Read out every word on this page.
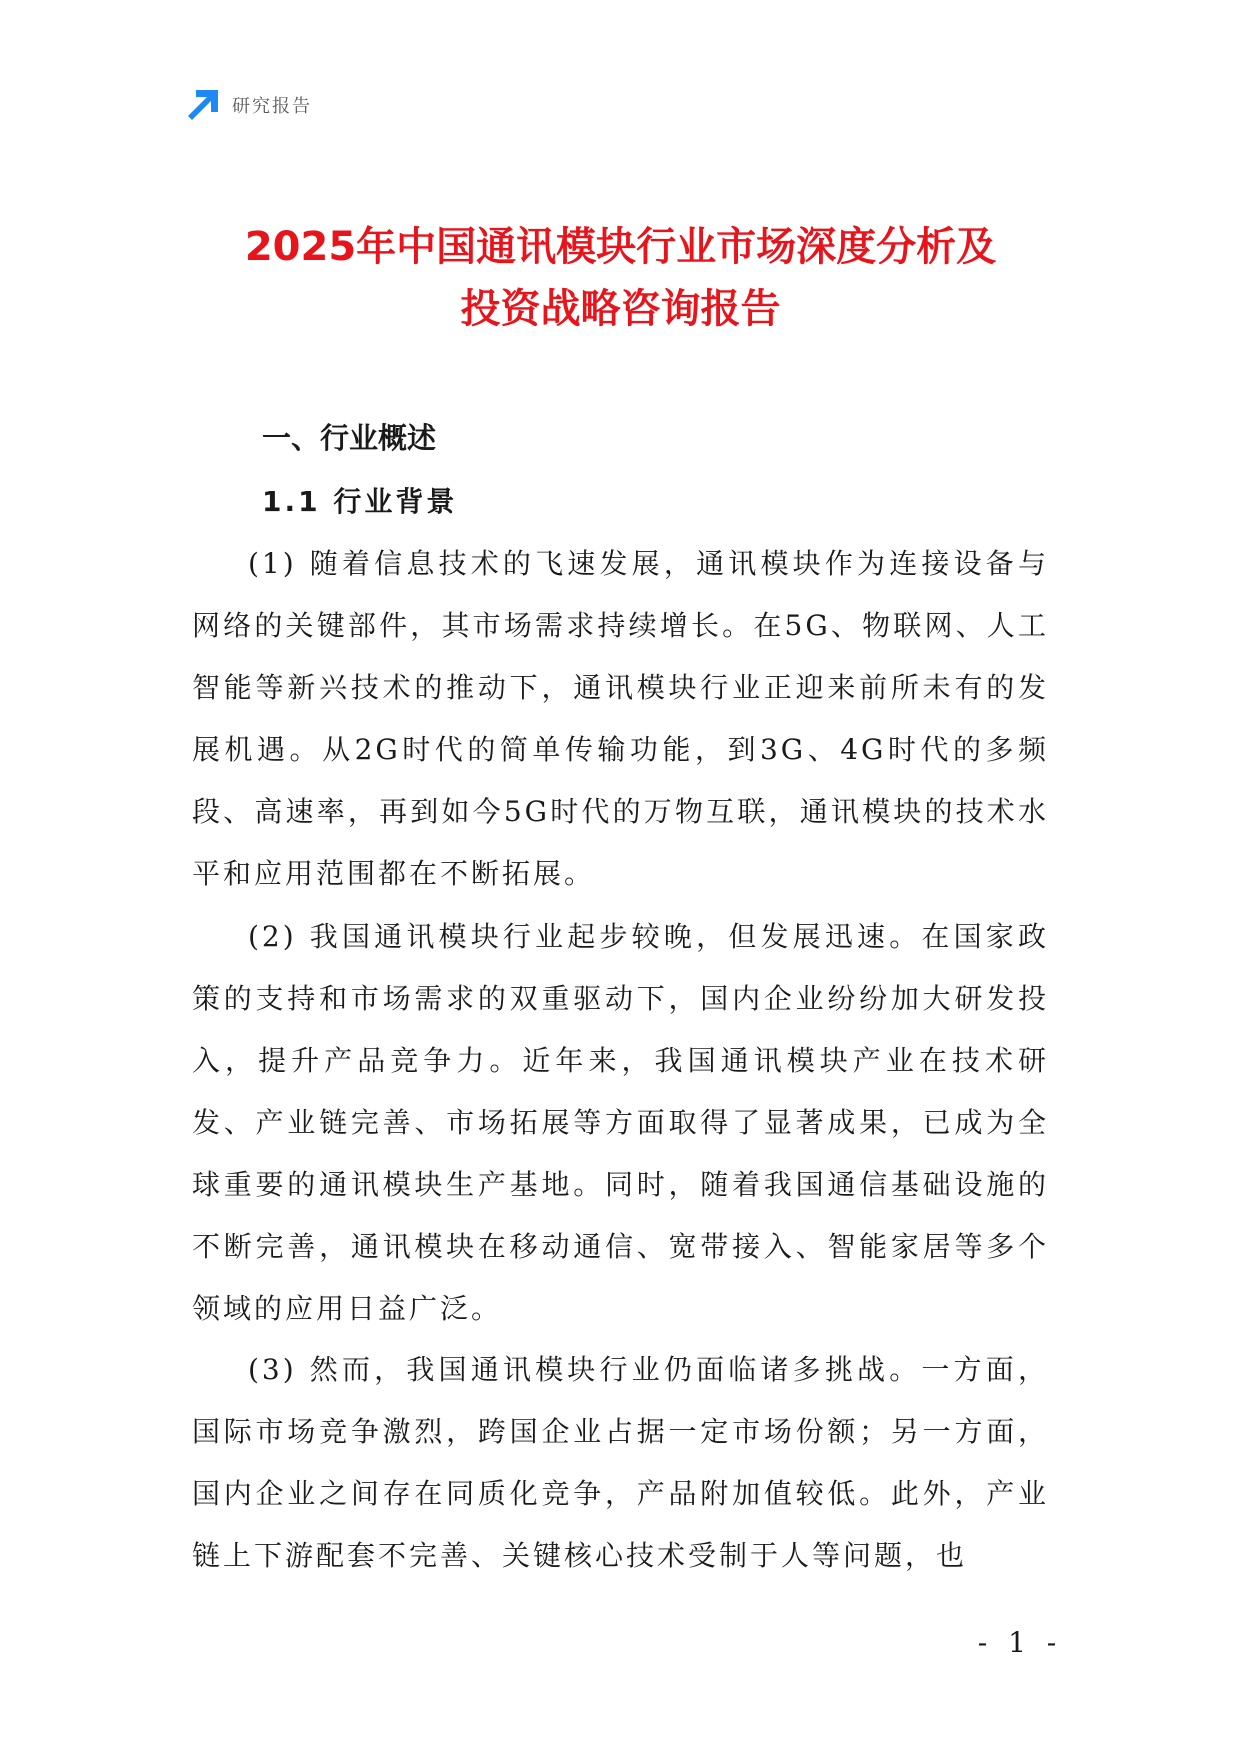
研究报告
2025年中国通讯模块行业市场深度分析及
投资战略咨询报告
一、行业概述
1.1 行业背景

(1) 随着信息技术的飞速发展，通讯模块作为连接设备与网络的关键部件，其市场需求持续增长。在5G、物联网、人工智能等新兴技术的推动下，通讯模块行业正迎来前所未有的发展机遇。从2G时代的简单传输功能，到3G、4G时代的多频段、高速率，再到如今5G时代的万物互联，通讯模块的技术水平和应用范围都在不断拓展。

(2) 我国通讯模块行业起步较晚，但发展迅速。在国家政策的支持和市场需求的双重驱动下，国内企业纷纷加大研发投入，提升产品竞争力。近年来，我国通讯模块产业在技术研发、产业链完善、市场拓展等方面取得了显著成果，已成为全球重要的通讯模块生产基地。同时，随着我国通信基础设施的不断完善，通讯模块在移动通信、宽带接入、智能家居等多个领域的应用日益广泛。

(3) 然而，我国通讯模块行业仍面临诸多挑战。一方面，国际市场竞争激烈，跨国企业占据一定市场份额；另一方面，国内企业之间存在同质化竞争，产品附加值较低。此外，产业链上下游配套不完善、关键核心技术受制于人等问题，也

- 1 -
